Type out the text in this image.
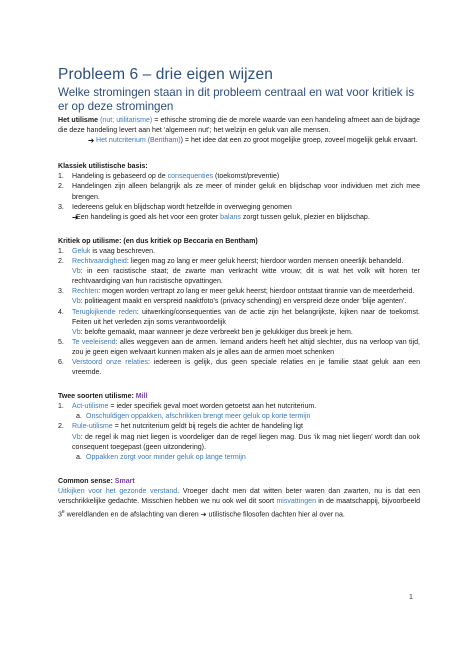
Probleem 6 – drie eigen wijzen

Welke stromingen staan in dit probleem centraal en wat voor kritiek is er op deze stromingen

Het utilisme (nut; utilitarisme) = ethische stroming die de morele waarde van een handeling afmeet aan de bijdrage die deze handeling levert aan het ‘algemeen nut’; het welzijn en geluk van alle mensen.

➔ Het nutcriterium (Bentham)) = het idee dat een zo groot mogelijke groep, zoveel mogelijk geluk ervaart.

Klassiek utilistische basis:

1. Handeling is gebaseerd op de consequenties (toekomst/preventie)

2. Handelingen zijn alleen belangrijk als ze meer of minder geluk en blijdschap voor individuen met zich mee brengen.

3. Iedereens geluk en blijdschap wordt hetzelfde in overweging genomen

➔
Een handeling is goed als het voor een groter balans zorgt tussen geluk, plezier en blijdschap.

Kritiek op utilisme: (en dus kritiek op Beccaria en Bentham)

1. Geluk is vaag beschreven.

2. Rechtvaardigheid: liegen mag zo lang er meer geluk heerst; hierdoor worden mensen oneerlijk behandeld.
Vb: in een racistische staat; de zwarte man verkracht witte vrouw; dit is wat het volk wilt horen ter rechtvaardiging van hun racistische opvattingen.

3. Rechten: mogen worden vertrapt zo lang er meer geluk heerst; hierdoor ontstaat tirannie van de meerderheid.
Vb: politieagent maakt en verspreid naaktfoto’s (privacy schending) en verspreid deze onder ‘blije agenten’.

4. Terugkijkende reden: uitwerking/consequenties van de actie zijn het belangrijkste, kijken naar de toekomst. Feiten uit het verleden zijn soms verantwoordelijk
Vb: belofte gemaakt, maar wanneer je deze verbreekt ben je gelukkiger dus breek je hem.

5. Te veeleisend: alles weggeven aan de armen. Iemand anders heeft het altijd slechter, dus na verloop van tijd, zou je geen eigen welvaart kunnen maken als je alles aan de armen moet schenken

6. Verstoord onze relaties: iedereen is gelijk, dus geen speciale relaties en je familie staat geluk aan een vreemde.

Twee soorten utilisme: Mill

1. Act-utilisme = ieder specifiek geval moet worden getoetst aan het nutcriterium.

a. Onschuldigen oppakken, afschrikken brengt meer geluk op korte termijn

2. Rule-utilisme = het nutcriterium geldt bij regels die achter de handeling ligt
Vb: de regel ik mag niet liegen is voordeliger dan de regel liegen mag. Dus ‘ik mag niet liegen’ wordt dan ook consequent toegepast (geen uitzondering).

a. Oppakken zorgt voor minder geluk op lange termijn

Common sense: Smart

Uitkijken voor het gezonde verstand. Vroeger dacht men dat witten beter waren dan zwarten, nu is dat een verschrikkelijke gedachte. Misschien hebben we nu ook wel dit soort misvattingen in de maatschappij, bijvoorbeeld 3e wereldlanden en de afslachting van dieren ➔ utilistische filosofen dachten hier al over na.

1
